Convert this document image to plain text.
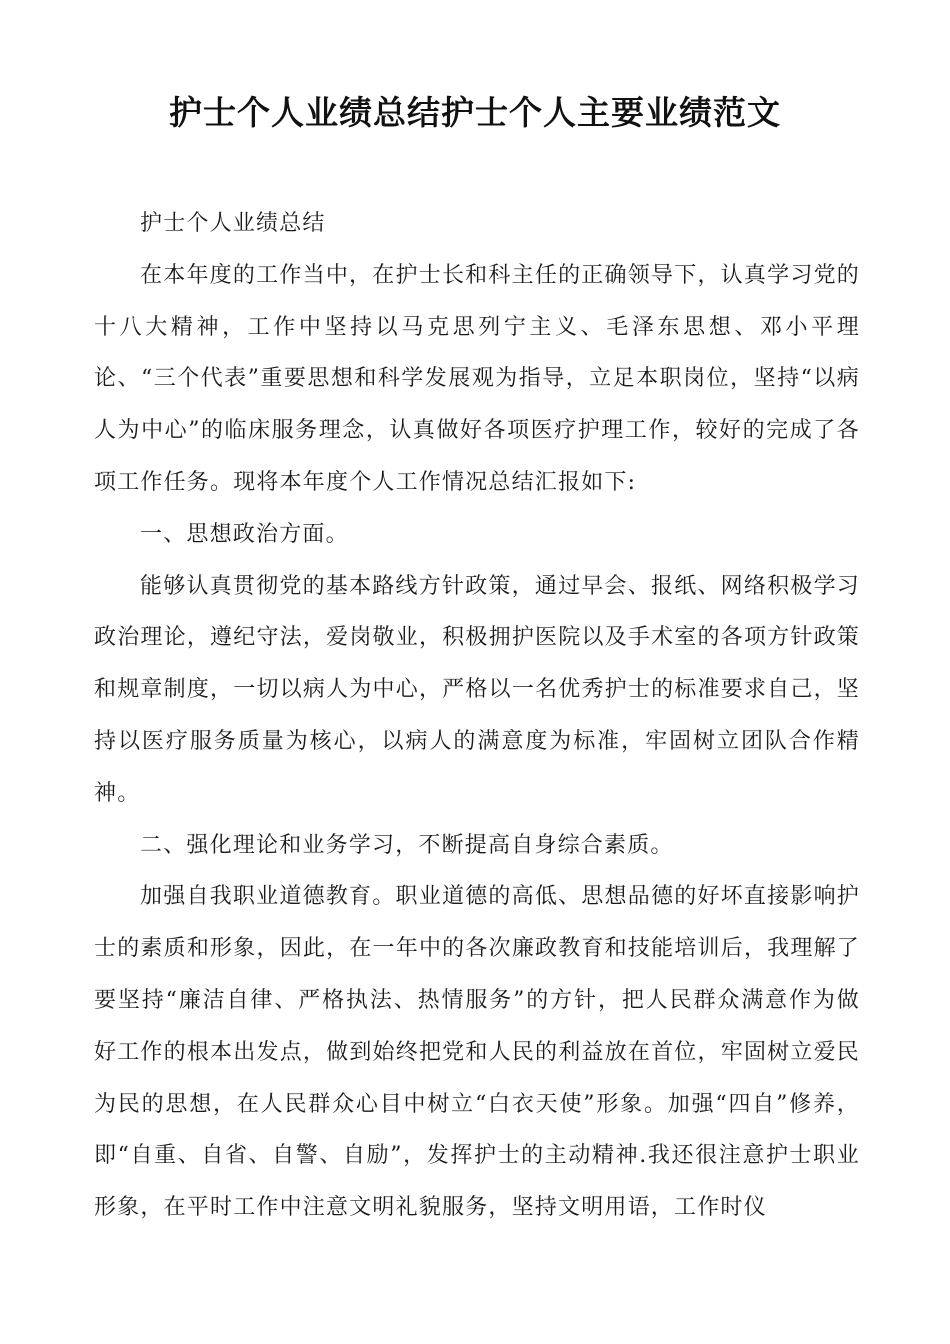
护士个人业绩总结护士个人主要业绩范文

护士个人业绩总结

在本年度的工作当中，在护士长和科主任的正确领导下，认真学习党的十八大精神，工作中坚持以马克思列宁主义、毛泽东思想、邓小平理论、“三个代表”重要思想和科学发展观为指导，立足本职岗位，坚持“以病人为中心”的临床服务理念，认真做好各项医疗护理工作，较好的完成了各项工作任务。现将本年度个人工作情况总结汇报如下:

一、思想政治方面。

能够认真贯彻党的基本路线方针政策，通过早会、报纸、网络积极学习政治理论，遵纪守法，爱岗敬业，积极拥护医院以及手术室的各项方针政策和规章制度，一切以病人为中心，严格以一名优秀护士的标准要求自己，坚持以医疗服务质量为核心，以病人的满意度为标准，牢固树立团队合作精神。

二、强化理论和业务学习，不断提高自身综合素质。

加强自我职业道德教育。职业道德的高低、思想品德的好坏直接影响护士的素质和形象，因此，在一年中的各次廉政教育和技能培训后，我理解了要坚持“廉洁自律、严格执法、热情服务”的方针，把人民群众满意作为做好工作的根本出发点，做到始终把党和人民的利益放在首位，牢固树立爱民为民的思想，在人民群众心目中树立“白衣天使”形象。加强“四自”修养，即“自重、自省、自警、自励”，发挥护士的主动精神.我还很注意护士职业形象，在平时工作中注意文明礼貌服务，坚持文明用语，工作时仪
